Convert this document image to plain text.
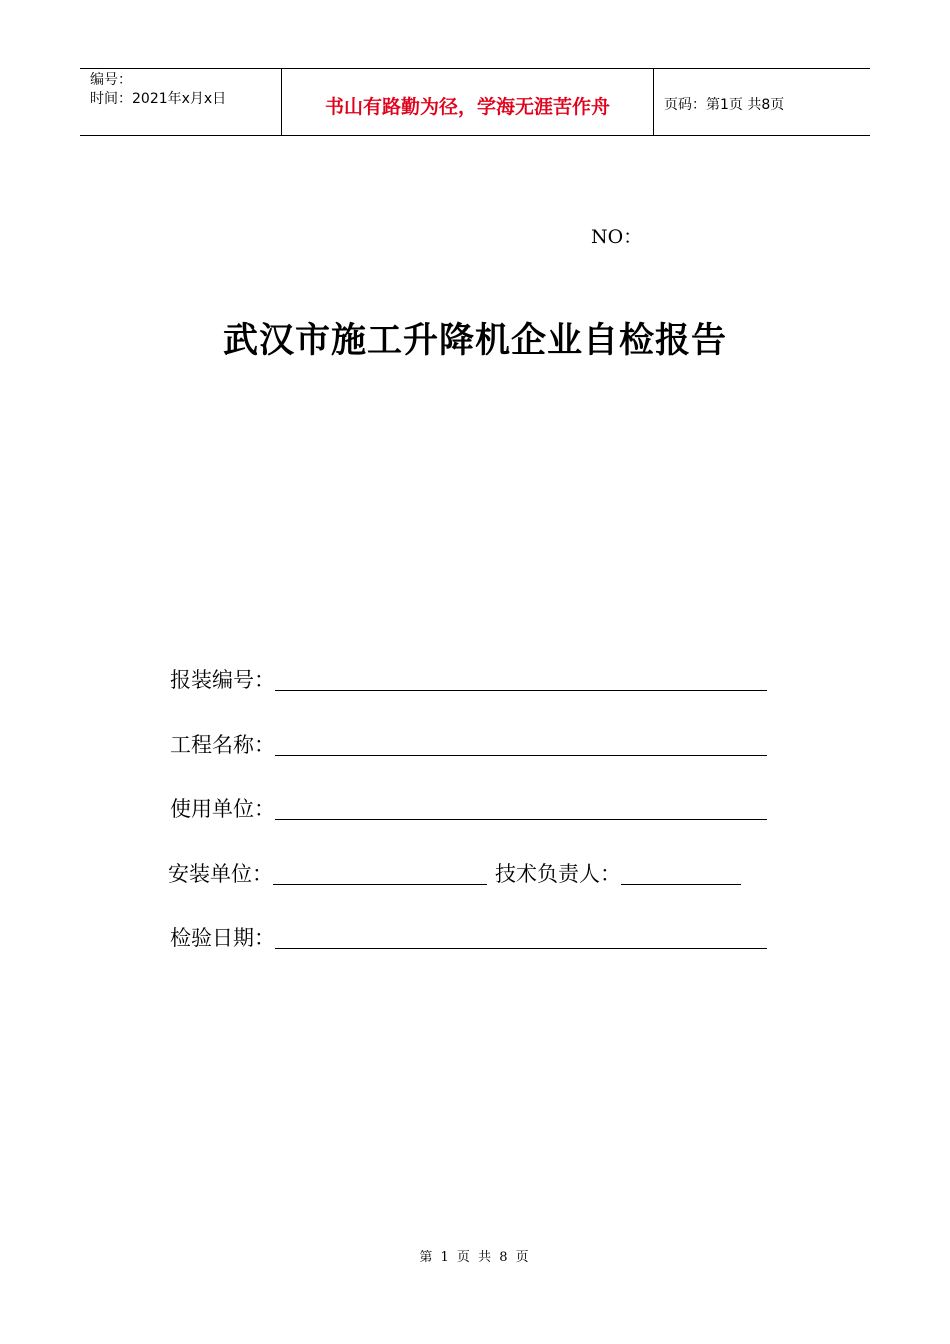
编号：
时间：2021年x月x日	书山有路勤为径，学海无涯苦作舟	页码：第1页 共8页
NO：
武汉市施工升降机企业自检报告
报装编号：
工程名称：
使用单位：
安装单位：	技术负责人：
检验日期：
第 1 页 共 8 页
